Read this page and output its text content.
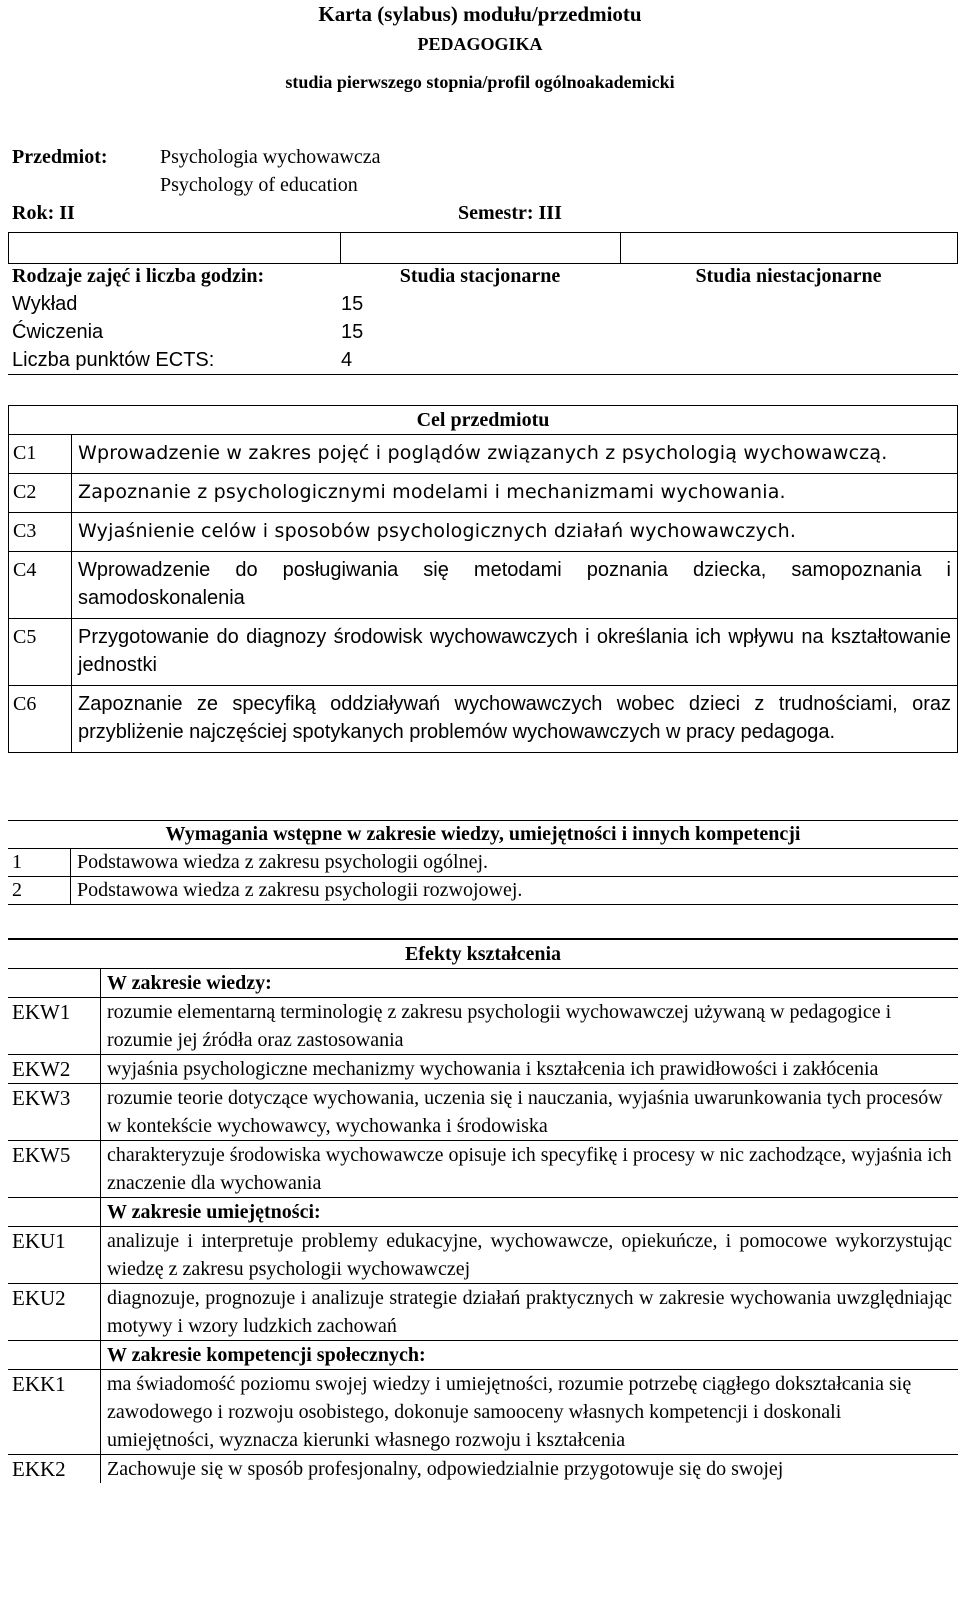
Karta (sylabus) modułu/przedmiotu
PEDAGOGIKA
studia pierwszego stopnia/profil ogólnoakademicki
Przedmiot:	Psychologia wychowawcza	
	Psychology of education	
Rok: II		Semestr: III
Rodzaje zajęć i liczba godzin:	Studia stacjonarne	Studia niestacjonarne
Wykład	15	
Ćwiczenia	15	
Liczba punktów ECTS:	4	
Cel przedmiotu	
C1	Wprowadzenie w zakres pojęć i poglądów związanych z psychologią wychowawczą.
C2	Zapoznanie z psychologicznymi modelami i mechanizmami wychowania.
C3	Wyjaśnienie celów i sposobów psychologicznych działań wychowawczych.
C4	Wprowadzenie do posługiwania się metodami poznania dziecka, samopoznania i samodoskonalenia
C5	Przygotowanie do diagnozy środowisk wychowawczych i określania ich wpływu na kształtowanie jednostki
C6	Zapoznanie ze specyfiką oddziaływań wychowawczych wobec dzieci z trudnościami, oraz przybliżenie najczęściej spotykanych problemów wychowawczych w pracy pedagoga.
Wymagania wstępne w zakresie wiedzy, umiejętności i innych kompetencji	
1	Podstawowa wiedza z zakresu psychologii ogólnej.
2	Podstawowa wiedza z zakresu psychologii rozwojowej.
Efekty kształcenia	
	W zakresie wiedzy:
EKW1	rozumie elementarną terminologię z zakresu psychologii wychowawczej używaną w pedagogice i rozumie jej źródła oraz zastosowania
EKW2	wyjaśnia psychologiczne mechanizmy wychowania i kształcenia ich prawidłowości i zakłócenia
EKW3	rozumie teorie dotyczące wychowania, uczenia się i nauczania, wyjaśnia uwarunkowania tych procesów w kontekście wychowawcy, wychowanka i środowiska
EKW5	charakteryzuje środowiska wychowawcze opisuje ich specyfikę i procesy w nic zachodzące, wyjaśnia ich znaczenie dla wychowania
	W zakresie umiejętności:
EKU1	analizuje i interpretuje problemy edukacyjne, wychowawcze, opiekuńcze, i pomocowe wykorzystując wiedzę z zakresu psychologii wychowawczej
EKU2	diagnozuje, prognozuje i analizuje strategie działań praktycznych w zakresie wychowania uwzględniając motywy i wzory ludzkich zachowań
	W zakresie kompetencji społecznych:
EKK1	ma świadomość poziomu swojej wiedzy i umiejętności, rozumie potrzebę ciągłego dokształcania się zawodowego i rozwoju osobistego, dokonuje samooceny własnych kompetencji i doskonali umiejętności, wyznacza kierunki własnego rozwoju i kształcenia
EKK2	Zachowuje się w sposób profesjonalny, odpowiedzialnie przygotowuje się do swojej
